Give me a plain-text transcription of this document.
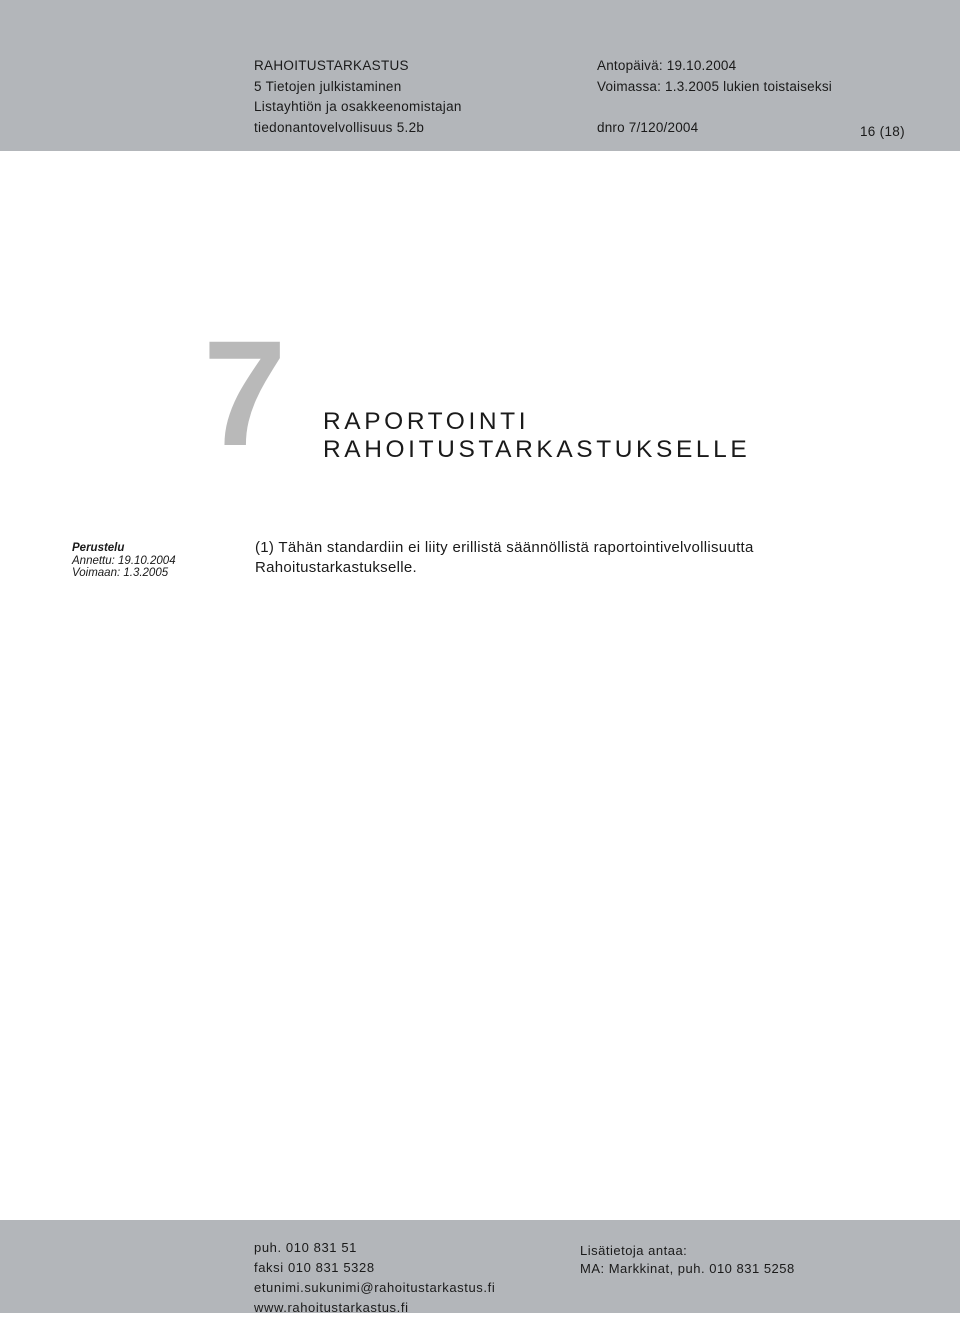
RAHOITUSTARKASTUS
5 Tietojen julkistaminen
Listayhtiön ja osakkeenomistajan
tiedonantovelvollisuus 5.2b
Antopäivä: 19.10.2004
Voimassa: 1.3.2005 lukien toistaiseksi

dnro 7/120/2004	16 (18)
7 RAPORTOINTI
RAHOITUSTARKASTUKSELLE
Perustelu
Annettu: 19.10.2004
Voimaan: 1.3.2005
(1) Tähän standardiin ei liity erillistä säännöllistä raportointivelvollisuutta
Rahoitustarkastukselle.
puh. 010 831 51
faksi 010 831 5328
etunimi.sukunimi@rahoitustarkastus.fi
www.rahoitustarkastus.fi
Lisätietoja antaa:
MA: Markkinat, puh. 010 831 5258
